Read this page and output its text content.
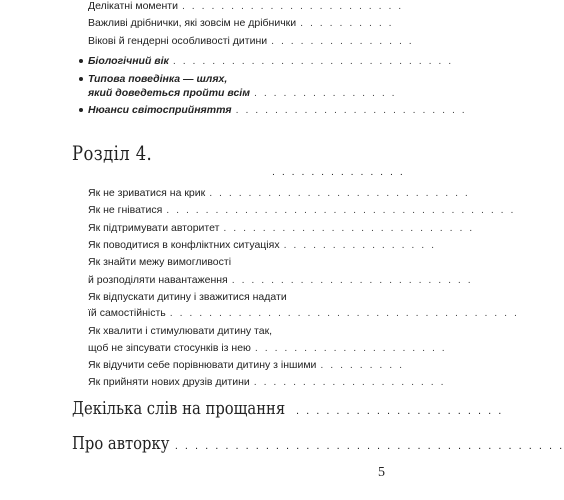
Делікатні моменти . . . . . . . . . . . . . . . . . . . . . . .
Важливі дрібнички, які зовсім не дрібнички . . . . . . . . . .
Вікові й гендерні особливості дитини . . . . . . . . . . . . . . .
Біологічний вік . . . . . . . . . . . . . . . . . . . . . . . . . . . . .
Типова поведінка — шлях,
який доведеться пройти всім . . . . . . . . . . . . . . .
Нюанси світосприйняття . . . . . . . . . . . . . . . . . . . . . . . .
Розділ 4.
. . . . . . . . . . . . . .
Як не зриватися на крик . . . . . . . . . . . . . . . . . . . . . . . . . . .
Як не гніватися . . . . . . . . . . . . . . . . . . . . . . . . . . . . . . . . . . . .
Як підтримувати авторитет . . . . . . . . . . . . . . . . . . . . . . . . . .
Як поводитися в конфліктних ситуаціях . . . . . . . . . . . . . . . .
Як знайти межу вимогливості
й розподіляти навантаження . . . . . . . . . . . . . . . . . . . . . . . . .
Як відпускати дитину і зважитися надати
їй самостійність . . . . . . . . . . . . . . . . . . . . . . . . . . . . . . . . . . . .
Як хвалити і стимулювати дитину так,
щоб не зіпсувати стосунків із нею . . . . . . . . . . . . . . . . . . . .
Як відучити себе порівнювати дитину з іншими . . . . . . . . .
Як прийняти нових друзів дитини . . . . . . . . . . . . . . . . . . . .
Декілька слів на прощання . . . . . . . . . . . . . . . . . . . . .
Про авторку . . . . . . . . . . . . . . . . . . . . . . . . . . . . . . . . . . . . . . .
5
